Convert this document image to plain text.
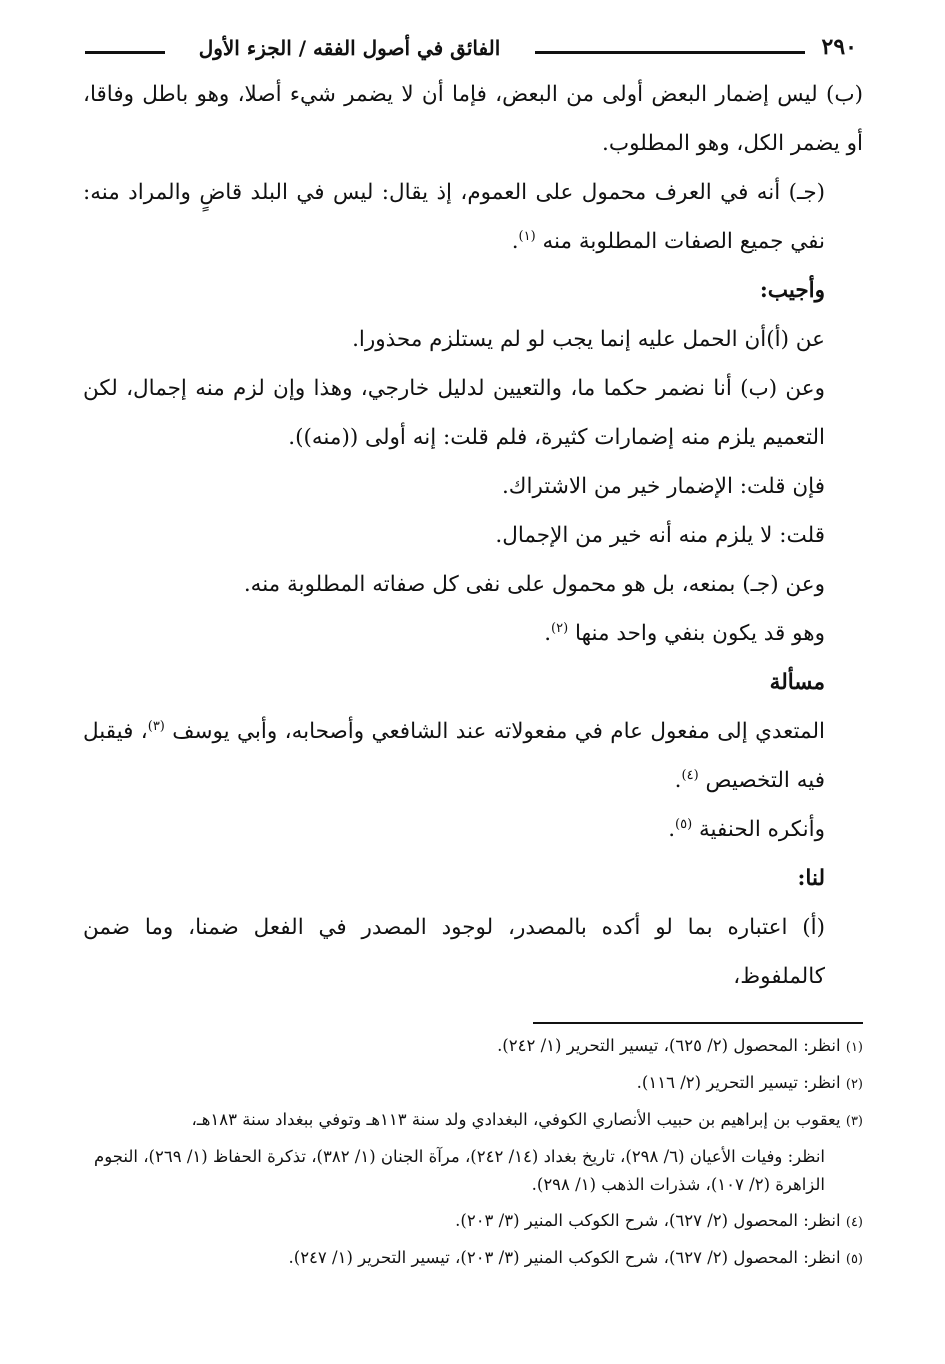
الفائق في أصول الفقه / الجزء الأول	٢٩٠

(ب) ليس إضمار البعض أولى من البعض، فإما أن لا يضمر شيء أصلا، وهو باطل وفاقا، أو يضمر الكل، وهو المطلوب.

(جـ) أنه في العرف محمول على العموم، إذ يقال: ليس في البلد قاضٍ والمراد منه: نفي جميع الصفات المطلوبة منه $^{(١)}$.

وأجيب:

عن (أ)أن الحمل عليه إنما يجب لو لم يستلزم محذورا.

وعن (ب) أنا نضمر حكما ما، والتعيين لدليل خارجي، وهذا وإن لزم منه إجمال، لكن التعميم يلزم منه إضمارات كثيرة، فلم قلت: إنه أولى ((منه)).

فإن قلت: الإضمار خير من الاشتراك.

قلت: لا يلزم منه أنه خير من الإجمال.

وعن (جـ) بمنعه، بل هو محمول على نفى كل صفاته المطلوبة منه.

وهو قد يكون بنفي واحد منها $^{(٢)}$.

مسألة

المتعدي إلى مفعول عام في مفعولاته عند الشافعي وأصحابه، وأبي يوسف $^{(٣)}$، فيقبل فيه التخصيص $^{(٤)}$.

وأنكره الحنفية $^{(٥)}$.

لنا:

(أ) اعتباره بما لو أكده بالمصدر، لوجود المصدر في الفعل ضمنا، وما ضمن كالملفوظ،

(١) انظر: المحصول (٢/ ٦٢٥)، تيسير التحرير (١/ ٢٤٢).

(٢) انظر: تيسير التحرير (٢/ ١١٦).

(٣) يعقوب بن إبراهيم بن حبيب الأنصاري الكوفي، البغدادي ولد سنة ١١٣هـ وتوفي ببغداد سنة ١٨٣هـ،

انظر: وفيات الأعيان (٦/ ٢٩٨)، تاريخ بغداد (١٤/ ٢٤٢)، مرآة الجنان (١/ ٣٨٢)، تذكرة الحفاظ (١/ ٢٦٩)، النجوم الزاهرة (٢/ ١٠٧)، شذرات الذهب (١/ ٢٩٨).

(٤) انظر: المحصول (٢/ ٦٢٧)، شرح الكوكب المنير (٣/ ٢٠٣).

(٥) انظر: المحصول (٢/ ٦٢٧)، شرح الكوكب المنير (٣/ ٢٠٣)، تيسير التحرير (١/ ٢٤٧).
